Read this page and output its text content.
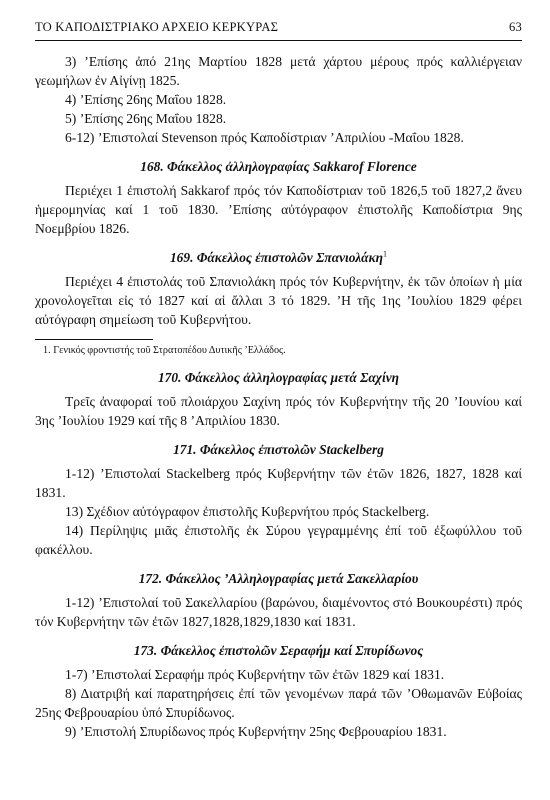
ΤΟ ΚΑΠΟΔΙΣΤΡΙΑΚΟ ΑΡΧΕΙΟ ΚΕΡΚΥΡΑΣ	63

3) ’Επίσης ἀπό 21ης Μαρτίου 1828 μετά χάρτου μέρους πρός καλλιέργειαν γεωμήλων ἐν Αἰγίνῃ 1825.

4) ’Επίσης 26ης Μαΐου 1828.

5) ’Επίσης 26ης Μαΐου 1828.

6-12) ’Επιστολαί Stevenson πρός Καποδίστριαν ’Απριλίου -Μαΐου 1828.

168. Φάκελλος ἀλληλογραφίας Sakkarof Florence

Περιέχει 1 ἐπιστολή Sakkarof πρός τόν Καποδίστριαν τοῦ 1826,5 τοῦ 1827,2 ἄνευ ἡμερομηνίας καί 1 τοῦ 1830. ’Επίσης αὐτόγραφον ἐπιστολῆς Καποδίστρια 9ης Νοεμβρίου 1826.

169. Φάκελλος ἐπιστολῶν Σπανιολάκη$^1$

Περιέχει 4 ἐπιστολάς τοῦ Σπανιολάκη πρός τόν Κυβερνήτην, ἐκ τῶν ὁποίων ἡ μία χρονολογεῖται εἰς τό 1827 καί αἱ ἄλλαι 3 τό 1829. ’Η τῆς 1ης ’Ιουλίου 1829 φέρει αὐτόγραφη σημείωση τοῦ Κυβερνήτου.

1. Γενικός φροντιστής τοῦ Στρατοπέδου Δυτικῆς ’Ελλάδος.

170. Φάκελλος ἀλληλογραφίας μετά Σαχίνη

Τρεῖς ἀναφοραί τοῦ πλοιάρχου Σαχίνη πρός τόν Κυβερνήτην τῆς 20 ’Ιουνίου καί 3ης ’Ιουλίου 1929 καί τῆς 8 ’Απριλίου 1830.

171. Φάκελλος ἐπιστολῶν Stackelberg

1-12) ’Επιστολαί Stackelberg πρός Κυβερνήτην τῶν ἐτῶν 1826, 1827, 1828 καί 1831.

13) Σχέδιον αὐτόγραφον ἐπιστολῆς Κυβερνήτου πρός Stackelberg.

14) Περίληψις μιᾶς ἐπιστολῆς ἐκ Σύρου γεγραμμένης ἐπί τοῦ ἐξωφύλλου τοῦ φακέλλου.

172. Φάκελλος ’Αλληλογραφίας μετά Σακελλαρίου

1-12) ’Επιστολαί τοῦ Σακελλαρίου (βαρώνου, διαμένοντος στό Βουκουρέστι) πρός τόν Κυβερνήτην τῶν ἐτῶν 1827,1828,1829,1830 καί 1831.

173. Φάκελλος ἐπιστολῶν Σεραφήμ καί Σπυρίδωνος

1-7) ’Επιστολαί Σεραφήμ πρός Κυβερνήτην τῶν ἐτῶν 1829 καί 1831.

8) Διατριβή καί παρατηρήσεις ἐπί τῶν γενομένων παρά τῶν ’Οθωμανῶν Εὐβοίας 25ης Φεβρουαρίου ὑπό Σπυρίδωνος.

9) ’Επιστολή Σπυρίδωνος πρός Κυβερνήτην 25ης Φεβρουαρίου 1831.
